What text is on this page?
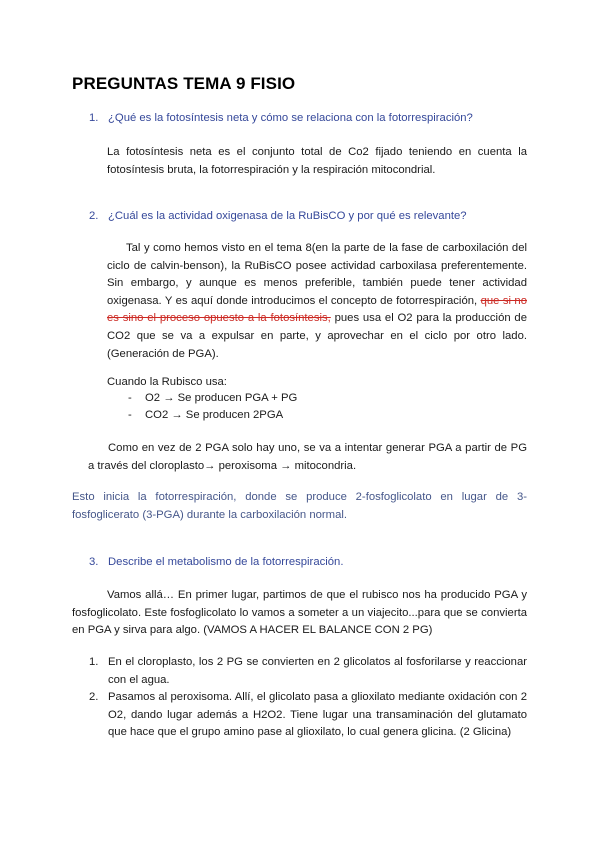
PREGUNTAS TEMA 9 FISIO
1. ¿Qué es la fotosíntesis neta y cómo se relaciona con la fotorrespiración?
La fotosíntesis neta es el conjunto total de Co2 fijado teniendo en cuenta la fotosíntesis bruta, la fotorrespiración y la respiración mitocondrial.
2. ¿Cuál es la actividad oxigenasa de la RuBisCO y por qué es relevante?
Tal y como hemos visto en el tema 8(en la parte de la fase de carboxilación del ciclo de calvin-benson), la RuBisCO posee actividad carboxilasa preferentemente. Sin embargo, y aunque es menos preferible, también puede tener actividad oxigenasa. Y es aquí donde introducimos el concepto de fotorrespiración, que si no es sino el proceso opuesto a la fotosíntesis, pues usa el O2 para la producción de CO2 que se va a expulsar en parte, y aprovechar en el ciclo por otro lado. (Generación de PGA).
Cuando la Rubisco usa:
- O2 → Se producen PGA + PG
- CO2 → Se producen 2PGA
Como en vez de 2 PGA solo hay uno, se va a intentar generar PGA a partir de PG a través del cloroplasto→ peroxisoma → mitocondria.
Esto inicia la fotorrespiración, donde se produce 2-fosfoglicolato en lugar de 3-fosfoglicerato (3-PGA) durante la carboxilación normal.
3. Describe el metabolismo de la fotorrespiración.
Vamos allá… En primer lugar, partimos de que el rubisco nos ha producido PGA y fosfoglicolato. Este fosfoglicolato lo vamos a someter a un viajecito...para que se convierta en PGA y sirva para algo. (VAMOS A HACER EL BALANCE CON 2 PG)
1. En el cloroplasto, los 2 PG se convierten en 2 glicolatos al fosforilarse y reaccionar con el agua.
2. Pasamos al peroxisoma. Allí, el glicolato pasa a glioxilato mediante oxidación con 2 O2, dando lugar además a H2O2. Tiene lugar una transaminación del glutamato que hace que el grupo amino pase al glioxilato, lo cual genera glicina. (2 Glicina)
